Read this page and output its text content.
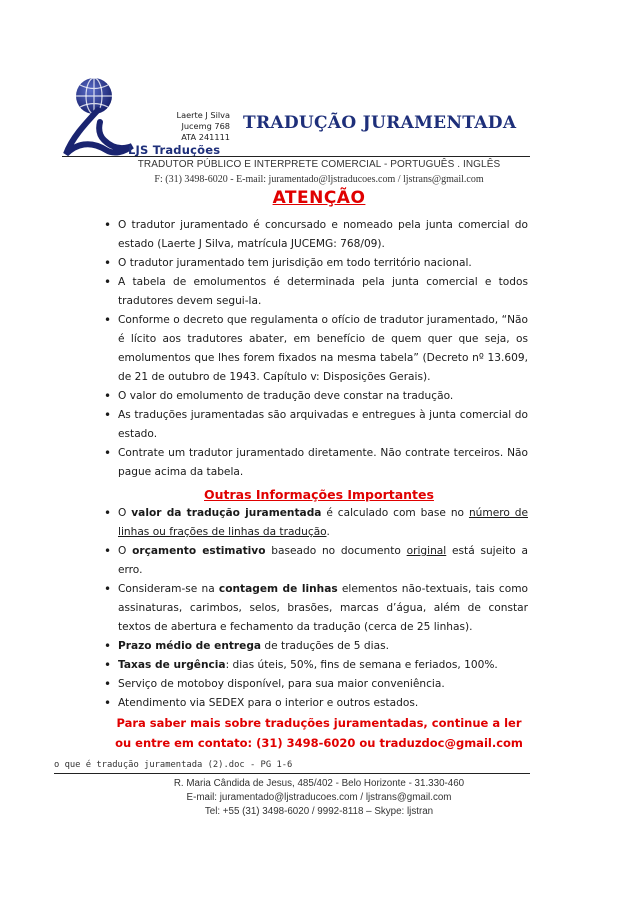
Laerte J Silva
Jucemg 768
ATA 241111
LJS Traduções
TRADUÇÃO JURAMENTADA
TRADUTOR PÚBLICO E INTERPRETE COMERCIAL - PORTUGUÊS . INGLÊS
F: (31) 3498-6020 - E-mail: juramentado@ljstraducoes.com / ljstrans@gmail.com
ATENÇÃO
• O tradutor juramentado é concursado e nomeado pela junta comercial do estado (Laerte J Silva, matrícula JUCEMG: 768/09).
• O tradutor juramentado tem jurisdição em todo território nacional.
• A tabela de emolumentos é determinada pela junta comercial e todos tradutores devem segui-la.
• Conforme o decreto que regulamenta o ofício de tradutor juramentado, “Não é lícito aos tradutores abater, em benefício de quem quer que seja, os emolumentos que lhes forem fixados na mesma tabela” (Decreto nº 13.609, de 21 de outubro de 1943. Capítulo v: Disposições Gerais).
• O valor do emolumento de tradução deve constar na tradução.
• As traduções juramentadas são arquivadas e entregues à junta comercial do estado.
• Contrate um tradutor juramentado diretamente. Não contrate terceiros. Não pague acima da tabela.
Outras Informações Importantes
• O valor da tradução juramentada é calculado com base no número de linhas ou frações de linhas da tradução.
• O orçamento estimativo baseado no documento original está sujeito a erro.
• Consideram-se na contagem de linhas elementos não-textuais, tais como assinaturas, carimbos, selos, brasões, marcas d’água, além de constar textos de abertura e fechamento da tradução (cerca de 25 linhas).
• Prazo médio de entrega de traduções de 5 dias.
• Taxas de urgência: dias úteis, 50%, fins de semana e feriados, 100%.
• Serviço de motoboy disponível, para sua maior conveniência.
• Atendimento via SEDEX para o interior e outros estados.
Para saber mais sobre traduções juramentadas, continue a ler
ou entre em contato: (31) 3498-6020 ou traduzdoc@gmail.com
o que é tradução juramentada (2).doc - PG 1-6
R. Maria Cândida de Jesus, 485/402 - Belo Horizonte - 31.330-460
E-mail: juramentado@ljstraducoes.com / ljstrans@gmail.com
Tel: +55 (31) 3498-6020 / 9992-8118 – Skype: ljstran
